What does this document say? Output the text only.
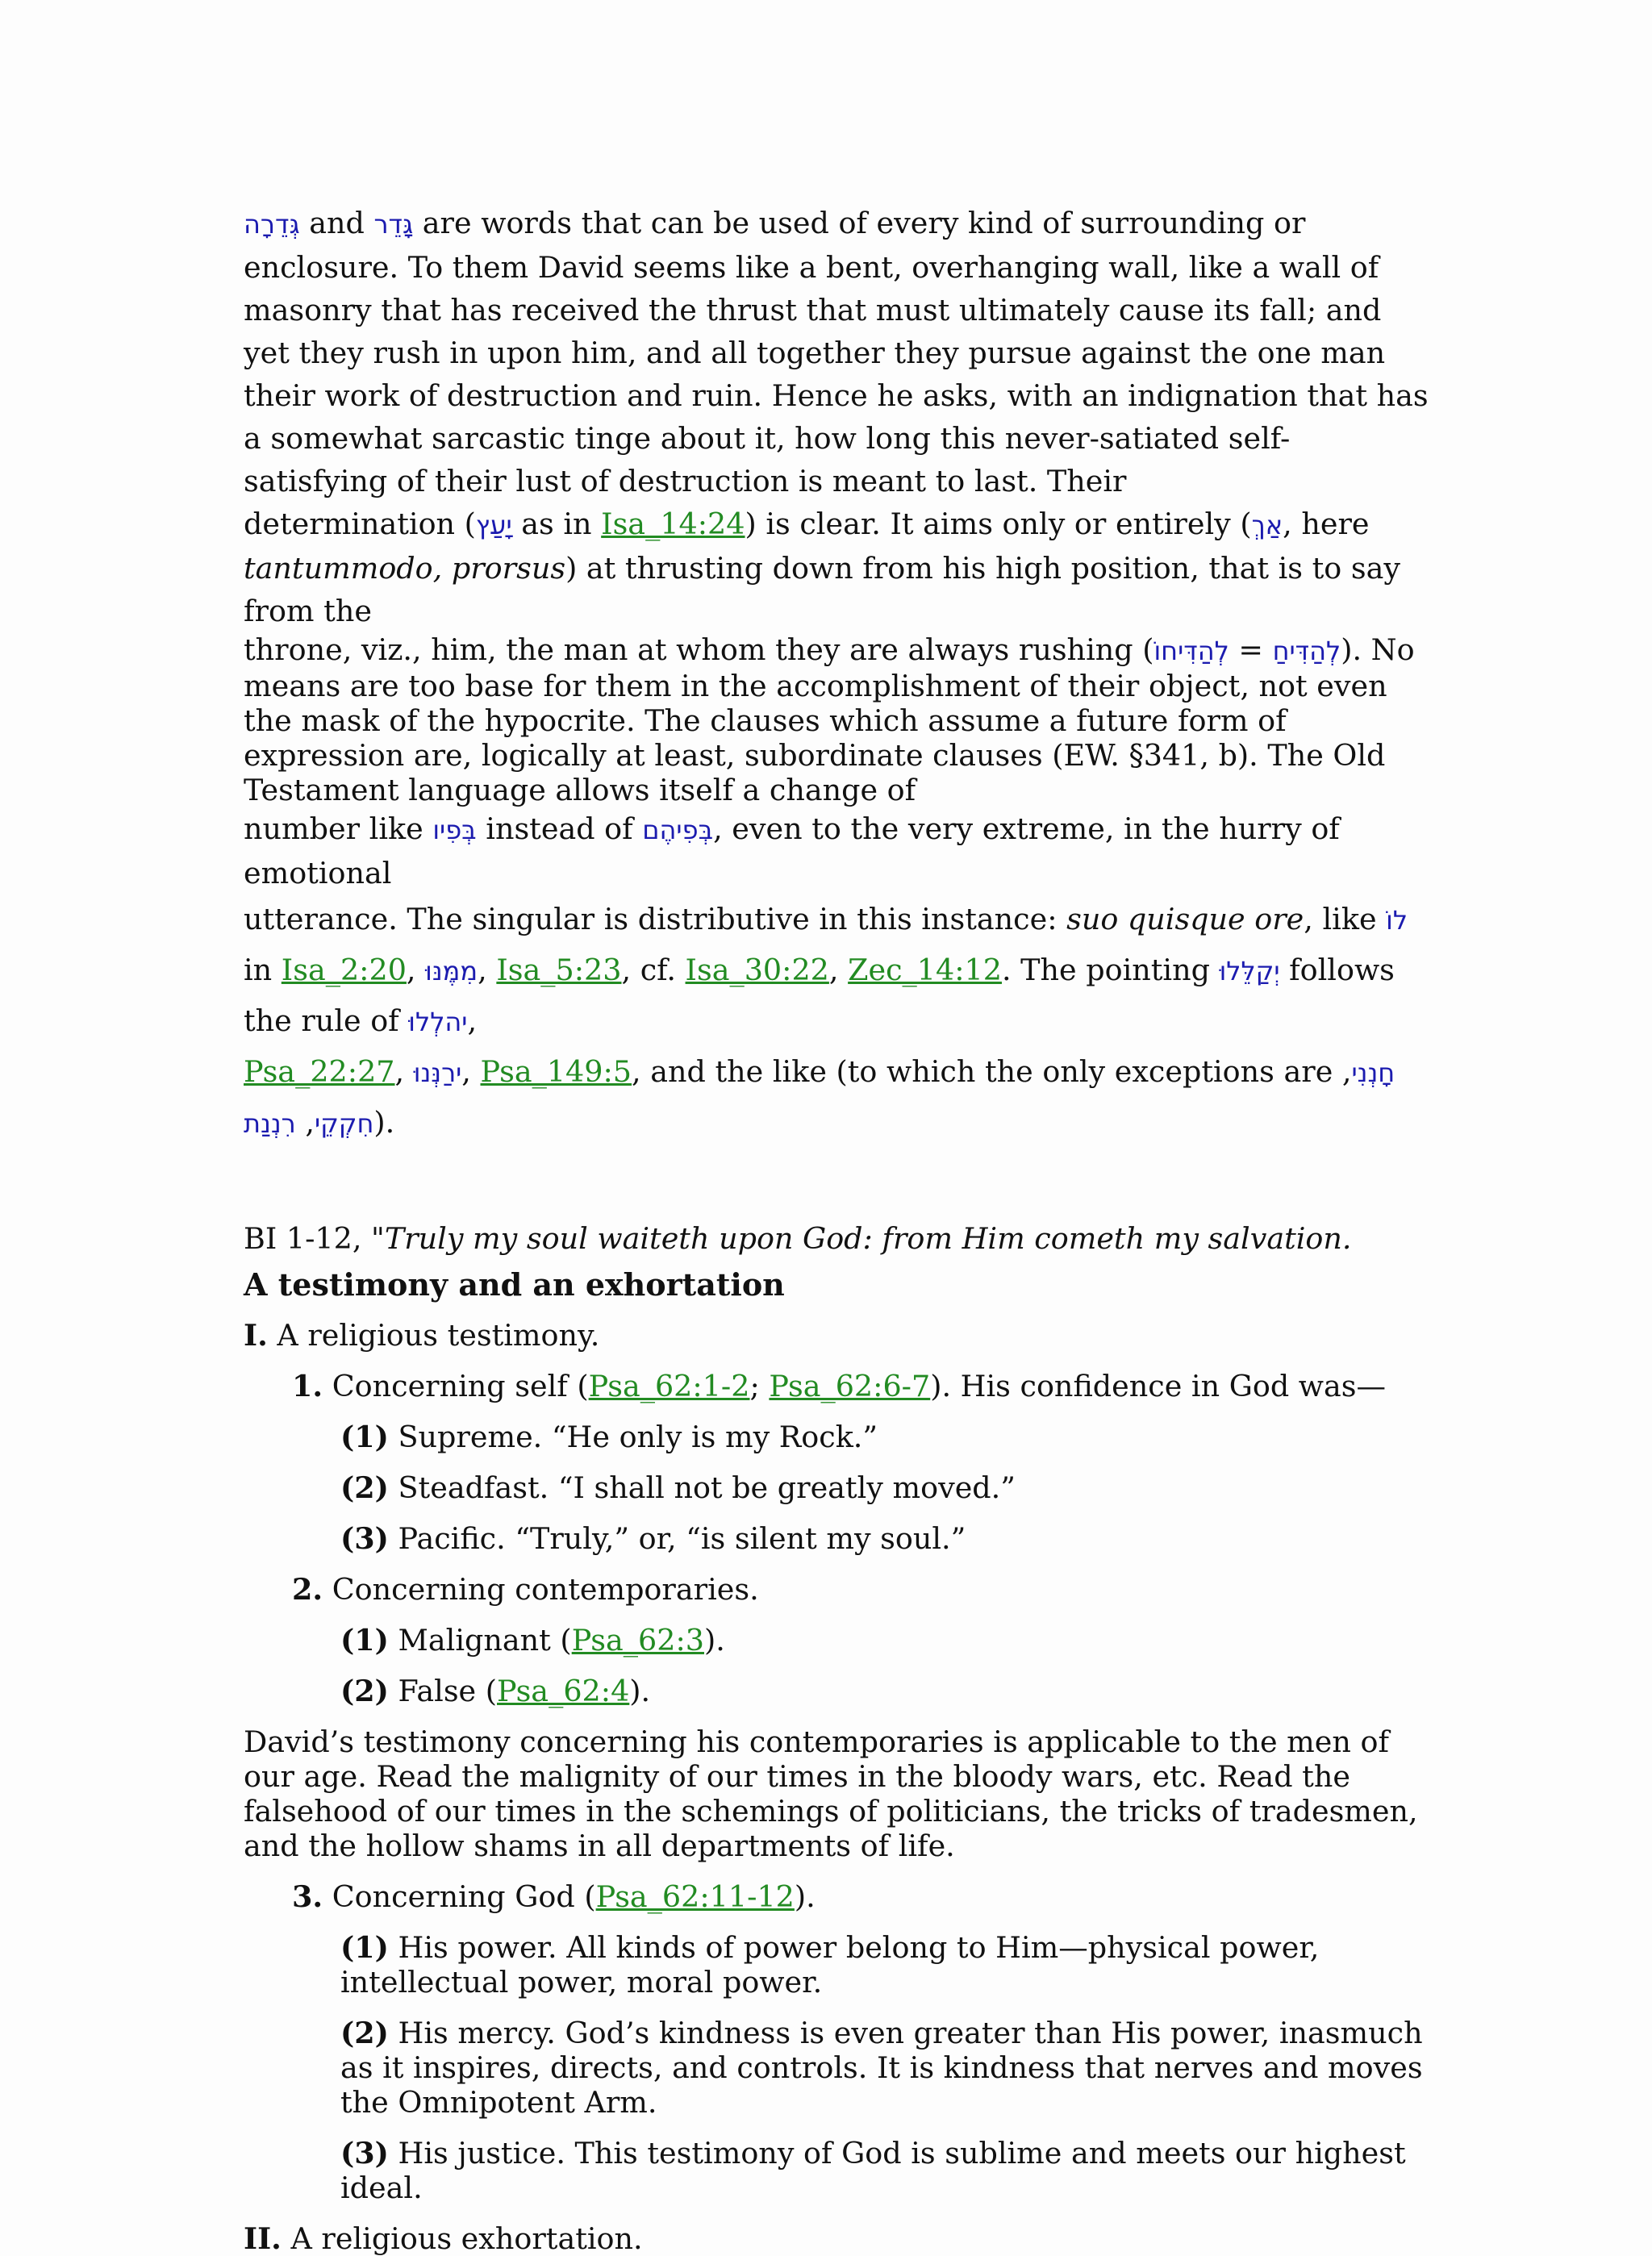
גְּדֵרָה and גָּדֵר are words that can be used of every kind of surrounding or enclosure. To them David seems like a bent, overhanging wall, like a wall of masonry that has received the thrust that must ultimately cause its fall; and yet they rush in upon him, and all together they pursue against the one man their work of destruction and ruin. Hence he asks, with an indignation that has a somewhat sarcastic tinge about it, how long this never-satiated self-satisfying of their lust of destruction is meant to last. Their

determination (יָעַץ as in Isa_14:24) is clear. It aims only or entirely (אַךְ, here
tantummodo, prorsus) at thrusting down from his high position, that is to say from the

throne, viz., him, the man at whom they are always rushing (	לְהַדִּיחַ = לְהַדִּיחוֹ	). No means are too base for them in the accomplishment of their object, not even the mask of the hypocrite. The clauses which assume a future form of expression are, logically at least, subordinate clauses (EW. §341, b). The Old Testament language allows itself a change of

number like בְּפִיו instead of בְּפִיהֶם, even to the very extreme, in the hurry of emotional

utterance. The singular is distributive in this instance: suo quisque ore, like לוֹ in Isa_2:20, מִמֶּנּוּ, Isa_5:23, cf. Isa_30:22, Zec_14:12. The pointing יְקַלֵּלוּ follows the rule of יהלְלוּ,

Psa_22:27, ירַנְּנוּ, Psa_149:5, and the like (to which the only exceptions are חָנְנִי, חִקְקֵי, רִנְנַת	).

BI 1-12, "Truly my soul waiteth upon God: from Him cometh my salvation.

A testimony and an exhortation

I. A religious testimony.

1. Concerning self (Psa_62:1-2; Psa_62:6-7). His confidence in God was—

(1) Supreme. “He only is my Rock.”

(2) Steadfast. “I shall not be greatly moved.”

(3) Pacific. “Truly,” or, “is silent my soul.”

2. Concerning contemporaries.

(1) Malignant (Psa_62:3).

(2) False (Psa_62:4).

David’s testimony concerning his contemporaries is applicable to the men of our age. Read the malignity of our times in the bloody wars, etc. Read the falsehood of our times in the schemings of politicians, the tricks of tradesmen, and the hollow shams in all departments of life.

3. Concerning God (Psa_62:11-12).

(1) His power. All kinds of power belong to Him—physical power, intellectual power, moral power.

(2) His mercy. God’s kindness is even greater than His power, inasmuch as it inspires, directs, and controls. It is kindness that nerves and moves the Omnipotent Arm.

(3) His justice. This testimony of God is sublime and meets our highest ideal.

II. A religious exhortation.
